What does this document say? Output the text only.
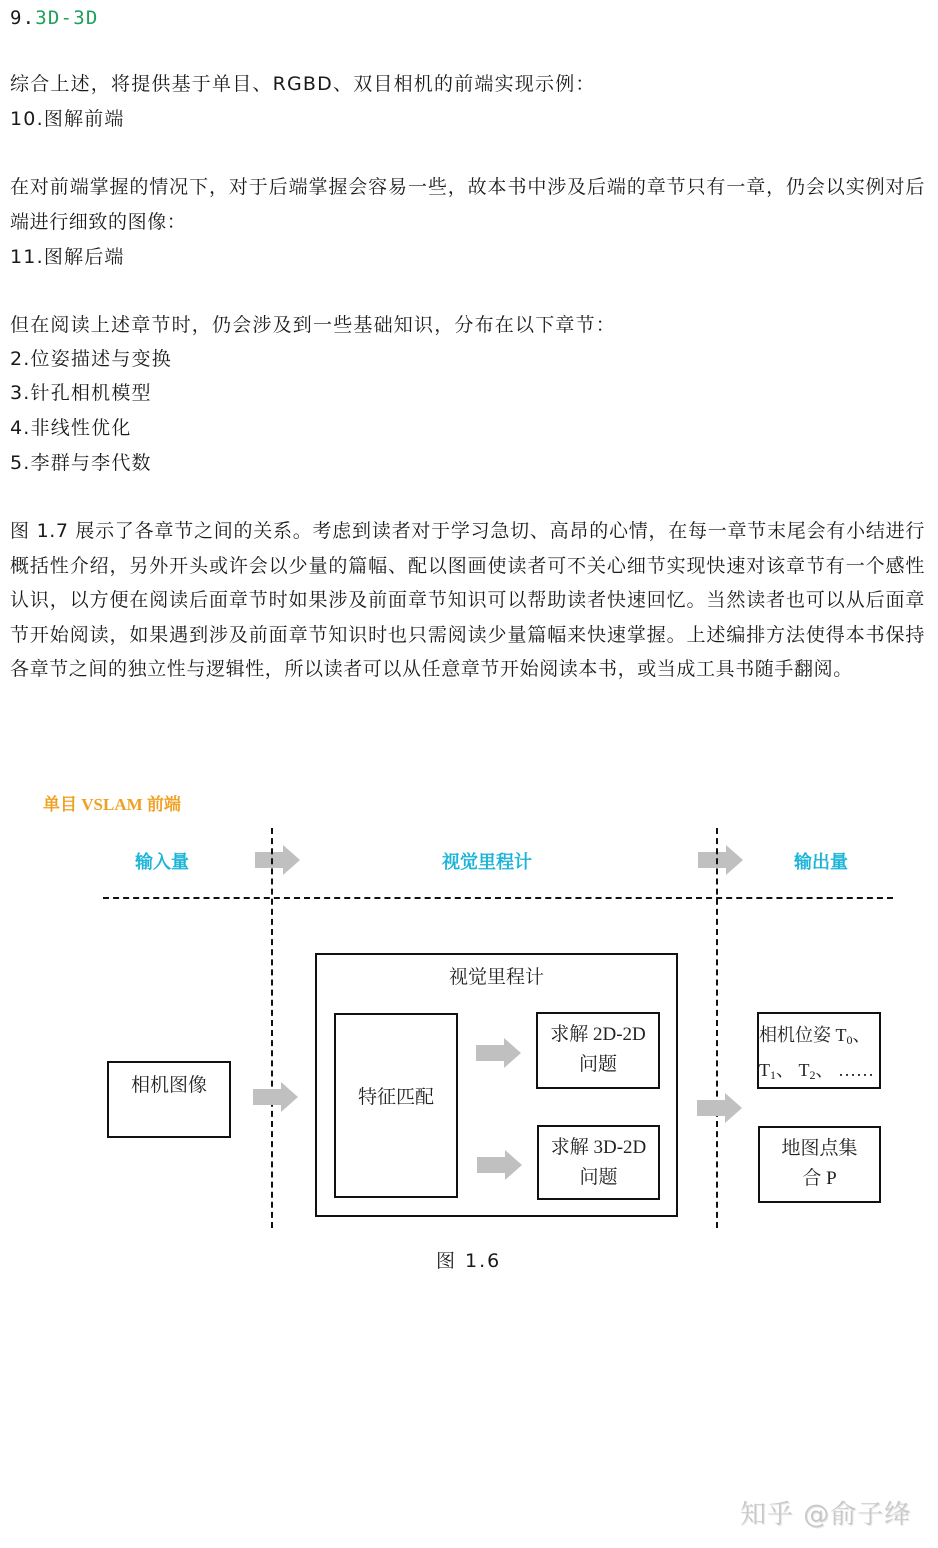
9.3D-3D
综合上述，将提供基于单目、RGBD、双目相机的前端实现示例：
10.图解前端
在对前端掌握的情况下，对于后端掌握会容易一些，故本书中涉及后端的章节只有一章，仍会以实例对后端进行细致的图像：
11.图解后端
但在阅读上述章节时，仍会涉及到一些基础知识，分布在以下章节：
2.位姿描述与变换
3.针孔相机模型
4.非线性优化
5.李群与李代数
图 1.7 展示了各章节之间的关系。考虑到读者对于学习急切、高昂的心情，在每一章节末尾会有小结进行概括性介绍，另外开头或许会以少量的篇幅、配以图画使读者可不关心细节实现快速对该章节有一个感性认识，以方便在阅读后面章节时如果涉及前面章节知识可以帮助读者快速回忆。当然读者也可以从后面章节开始阅读，如果遇到涉及前面章节知识时也只需阅读少量篇幅来快速掌握。上述编排方法使得本书保持各章节之间的独立性与逻辑性，所以读者可以从任意章节开始阅读本书，或当成工具书随手翻阅。
单目 VSLAM 前端
输入量	视觉里程计	输出量
相机图像
视觉里程计
特征匹配
求解 2D-2D
问题
求解 3D-2D
问题
相机位姿 $T_0$、
$T_1$、 $T_2$、 ……
地图点集
合 P
图 1.6
知乎 @俞子绛
